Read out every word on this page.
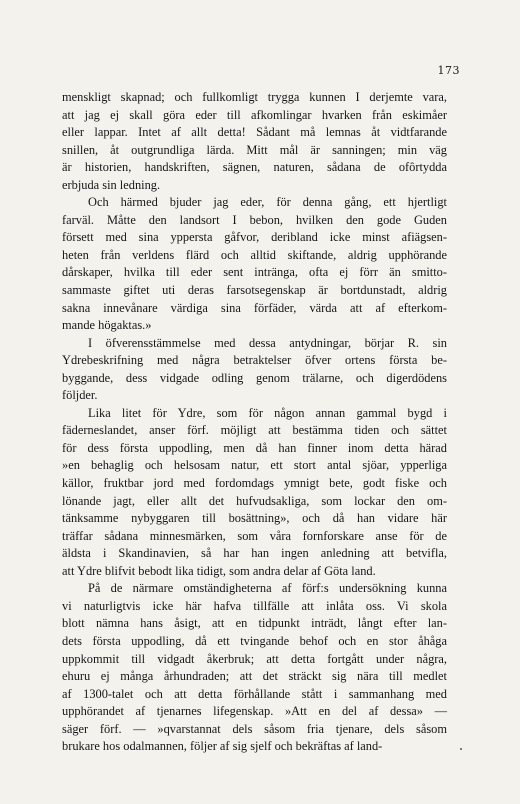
173
menskligt skapnad; och fullkomligt trygga kunnen I derjemte vara,
att jag ej skall göra eder till afkomlingar hvarken från eskimåer
eller lappar. Intet af allt detta! Sådant må lemnas åt vidtfarande
snillen, åt outgrundliga lärda. Mitt mål är sanningen; min väg
är historien, handskriften, sägnen, naturen, sådana de ofôrtydda
erbjuda sin ledning.
Och härmed bjuder jag eder, för denna gång, ett hjertligt
farväl. Måtte den landsort I bebon, hvilken den gode Guden
försett med sina yppersta gåfvor, deribland icke minst afiägsen-
heten från verldens flärd och alltid skiftande, aldrig upphörande
dårskaper, hvilka till eder sent intränga, ofta ej förr än smitto-
sammaste giftet uti deras farsotsegenskap är bortdunstadt, aldrig
sakna innevånare värdiga sina förfäder, värda att af efterkom-
mande högaktas.»
I öfverensstämmelse med dessa antydningar, börjar R. sin
Ydrebeskrifning med några betraktelser öfver ortens första be-
byggande, dess vidgade odling genom trälarne, och digerdödens
följder.
Lika litet för Ydre, som för någon annan gammal bygd i
fäderneslandet, anser förf. möjligt att bestämma tiden och sättet
för dess första uppodling, men då han finner inom detta härad
»en behaglig och helsosam natur, ett stort antal sjöar, ypperliga
källor, fruktbar jord med fordomdags ymnigt bete, godt fiske och
lönande jagt, eller allt det hufvudsakliga, som lockar den om-
tänksamme nybyggaren till bosättning», och då han vidare här
träffar sådana minnesmärken, som våra fornforskare anse för de
äldsta i Skandinavien, så har han ingen anledning att betvifla,
att Ydre blifvit bebodt lika tidigt, som andra delar af Göta land.
På de närmare omständigheterna af förf:s undersökning kunna
vi naturligtvis icke här hafva tillfälle att inlåta oss. Vi skola
blott nämna hans åsigt, att en tidpunkt inträdt, långt efter lan-
dets första uppodling, då ett tvingande behof och en stor åhåga
uppkommit till vidgadt åkerbruk; att detta fortgått under några,
ehuru ej många århundraden; att det sträckt sig nära till medlet
af 1300-talet och att detta förhållande stått i sammanhang med
upphörandet af tjenarnes lifegenskap. »Att en del af dessa» —
säger förf. — »qvarstannat dels såsom fria tjenare, dels såsom
brukare hos odalmannen, följer af sig sjelf och bekräftas af land-
